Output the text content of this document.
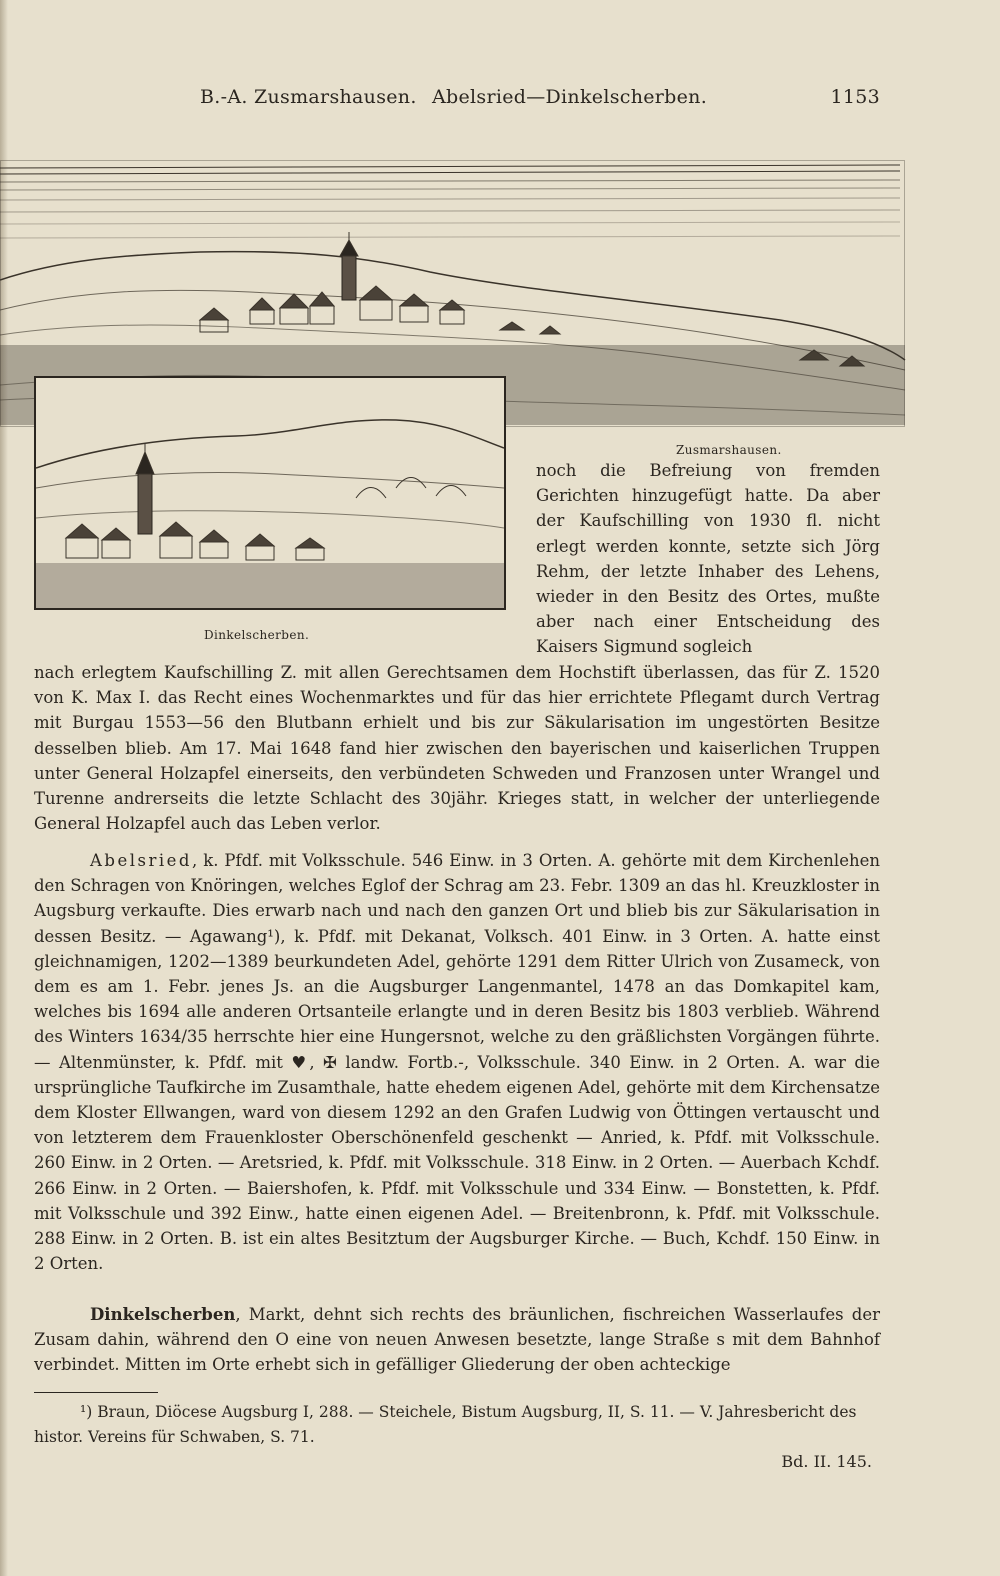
B.-A. Zusmarshausen. Abelsried—Dinkelscherben.	1153
Zusmarshausen.
Dinkelscherben.
noch die Befreiung von fremden Gerichten hinzugefügt hatte. Da aber der Kaufschilling von 1930 fl. nicht erlegt werden konnte, setzte sich Jörg Rehm, der letzte Inhaber des Lehens, wieder in den Besitz des Ortes, mußte aber nach einer Entscheidung des Kaisers Sigmund sogleich
nach erlegtem Kaufschilling Z. mit allen Gerechtsamen dem Hochstift überlassen, das für Z. 1520 von K. Max I. das Recht eines Wochenmarktes und für das hier errichtete Pflegamt durch Vertrag mit Burgau 1553—56 den Blutbann erhielt und bis zur Säkularisation im ungestörten Besitze desselben blieb. Am 17. Mai 1648 fand hier zwischen den bayerischen und kaiserlichen Truppen unter General Holzapfel einerseits, den verbündeten Schweden und Franzosen unter Wrangel und Turenne andrerseits die letzte Schlacht des 30jähr. Krieges statt, in welcher der unterliegende General Holzapfel auch das Leben verlor.
Abelsried, k. Pfdf. mit Volksschule. 546 Einw. in 3 Orten. A. gehörte mit dem Kirchenlehen den Schragen von Knöringen, welches Eglof der Schrag am 23. Febr. 1309 an das hl. Kreuzkloster in Augsburg verkaufte. Dies erwarb nach und nach den ganzen Ort und blieb bis zur Säkularisation in dessen Besitz. — Agawang¹), k. Pfdf. mit Dekanat, Volksch. 401 Einw. in 3 Orten. A. hatte einst gleichnamigen, 1202—1389 beurkundeten Adel, gehörte 1291 dem Ritter Ulrich von Zusameck, von dem es am 1. Febr. jenes Js. an die Augsburger Langenmantel, 1478 an das Domkapitel kam, welches bis 1694 alle anderen Ortsanteile erlangte und in deren Besitz bis 1803 verblieb. Während des Winters 1634/35 herrschte hier eine Hungersnot, welche zu den gräßlichsten Vorgängen führte. — Altenmünster, k. Pfdf. mit ♥, ✠ landw. Fortb.-, Volksschule. 340 Einw. in 2 Orten. A. war die ursprüngliche Taufkirche im Zusamthale, hatte ehedem eigenen Adel, gehörte mit dem Kirchensatze dem Kloster Ellwangen, ward von diesem 1292 an den Grafen Ludwig von Öttingen vertauscht und von letzterem dem Frauenkloster Oberschönenfeld geschenkt — Anried, k. Pfdf. mit Volksschule. 260 Einw. in 2 Orten. — Aretsried, k. Pfdf. mit Volksschule. 318 Einw. in 2 Orten. — Auerbach Kchdf. 266 Einw. in 2 Orten. — Baiershofen, k. Pfdf. mit Volksschule und 334 Einw. — Bonstetten, k. Pfdf. mit Volksschule und 392 Einw., hatte einen eigenen Adel. — Breitenbronn, k. Pfdf. mit Volksschule. 288 Einw. in 2 Orten. B. ist ein altes Besitztum der Augsburger Kirche. — Buch, Kchdf. 150 Einw. in 2 Orten.
Dinkelscherben, Markt, dehnt sich rechts des bräunlichen, fischreichen Wasserlaufes der Zusam dahin, während den O eine von neuen Anwesen besetzte, lange Straße s mit dem Bahnhof verbindet. Mitten im Orte erhebt sich in gefälliger Gliederung der oben achteckige
¹) Braun, Diöcese Augsburg I, 288. — Steichele, Bistum Augsburg, II, S. 11. — V. Jahresbericht des histor. Vereins für Schwaben, S. 71.
Bd. II. 145.
